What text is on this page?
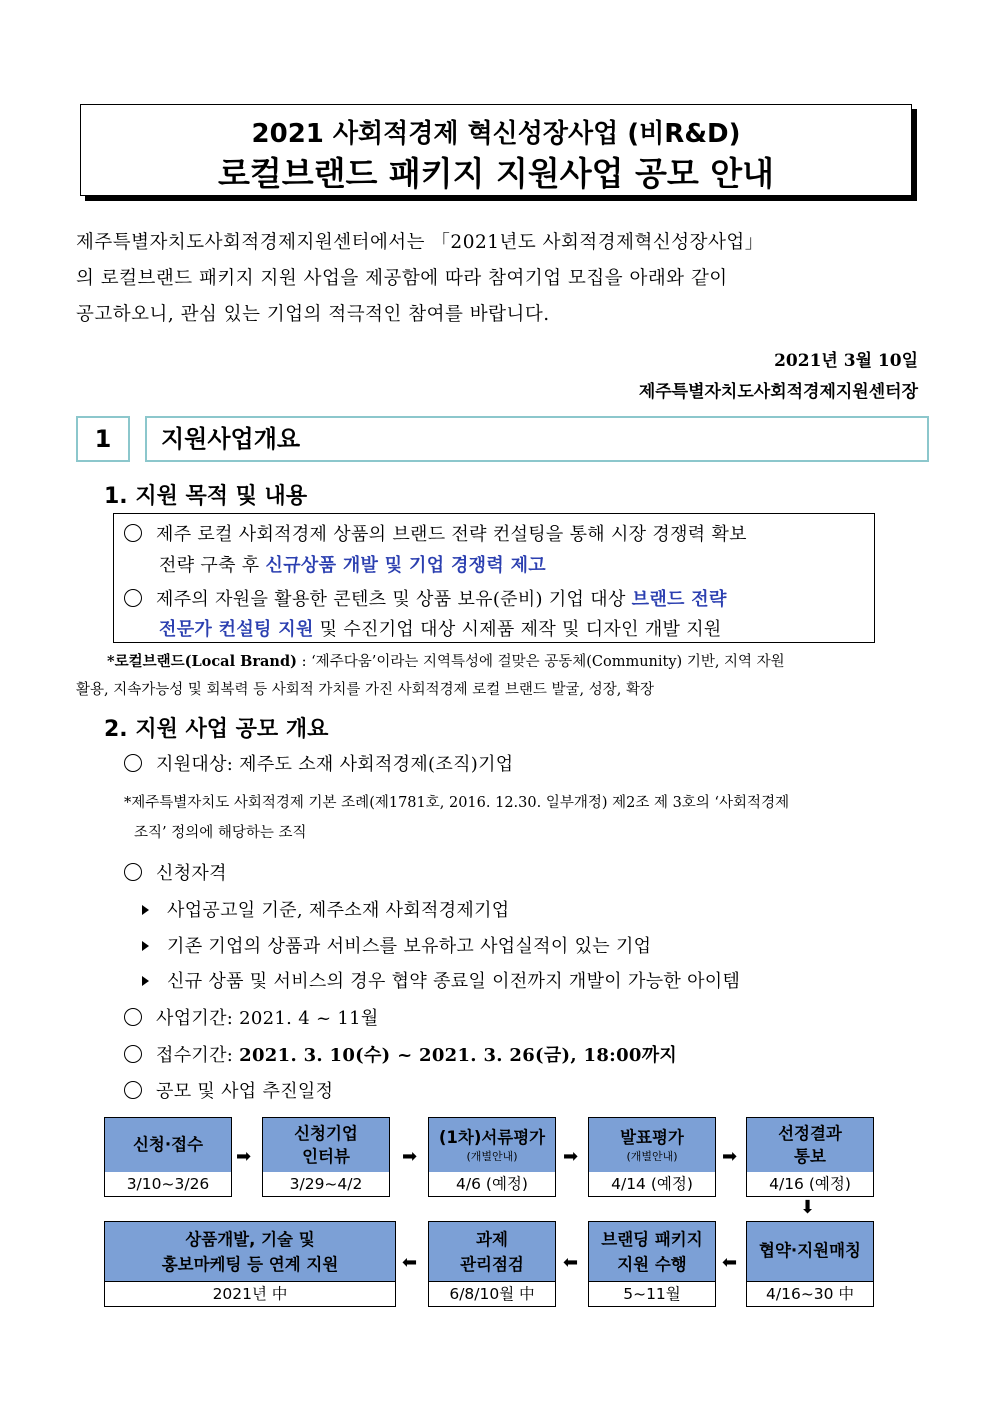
2021 사회적경제 혁신성장사업 (비R&D)
로컬브랜드 패키지 지원사업 공모 안내
제주특별자치도사회적경제지원센터에서는 「2021년도 사회적경제혁신성장사업」
의 로컬브랜드 패키지 지원 사업을 제공함에 따라 참여기업 모집을 아래와 같이
공고하오니, 관심 있는 기업의 적극적인 참여를 바랍니다.
2021년 3월 10일
제주특별자치도사회적경제지원센터장
1	지원사업개요
1. 지원 목적 및 내용
제주 로컬 사회적경제 상품의 브랜드 전략 컨설팅을 통해 시장 경쟁력 확보
전략 구축 후 신규상품 개발 및 기업 경쟁력 제고
제주의 자원을 활용한 콘텐츠 및 상품 보유(준비) 기업 대상 브랜드 전략
전문가 컨설팅 지원 및 수진기업 대상 시제품 제작 및 디자인 개발 지원
*로컬브랜드(Local Brand) : ‘제주다움’이라는 지역특성에 걸맞은 공동체(Community) 기반, 지역 자원
활용, 지속가능성 및 회복력 등 사회적 가치를 가진 사회적경제 로컬 브랜드 발굴, 성장, 확장
2. 지원 사업 공모 개요
지원대상: 제주도 소재 사회적경제(조직)기업
*제주특별자치도 사회적경제 기본 조례(제1781호, 2016. 12.30. 일부개정) 제2조 제 3호의 ‘사회적경제
조직’ 정의에 해당하는 조직
신청자격
사업공고일 기준, 제주소재 사회적경제기업
기존 기업의 상품과 서비스를 보유하고 사업실적이 있는 기업
신규 상품 및 서비스의 경우 협약 종료일 이전까지 개발이 가능한 아이템
사업기간: 2021. 4 ~ 11월
접수기간: 2021. 3. 10(수) ~ 2021. 3. 26(금), 18:00까지
공모 및 사업 추진일정
신청·접수
3/10~3/26
➡
신청기업
인터뷰
3/29~4/2
➡
(1차)서류평가
(개별안내)
4/6 (예정)
➡
발표평가
(개별안내)
4/14 (예정)
➡
선정결과
통보
4/16 (예정)
⬇
상품개발, 기술 및
홍보마케팅 등 연계 지원
2021년 中
⬅
과제
관리점검
6/8/10월 中
⬅
브랜딩 패키지
지원 수행
5~11월
⬅
협약·지원매칭
4/16~30 中
